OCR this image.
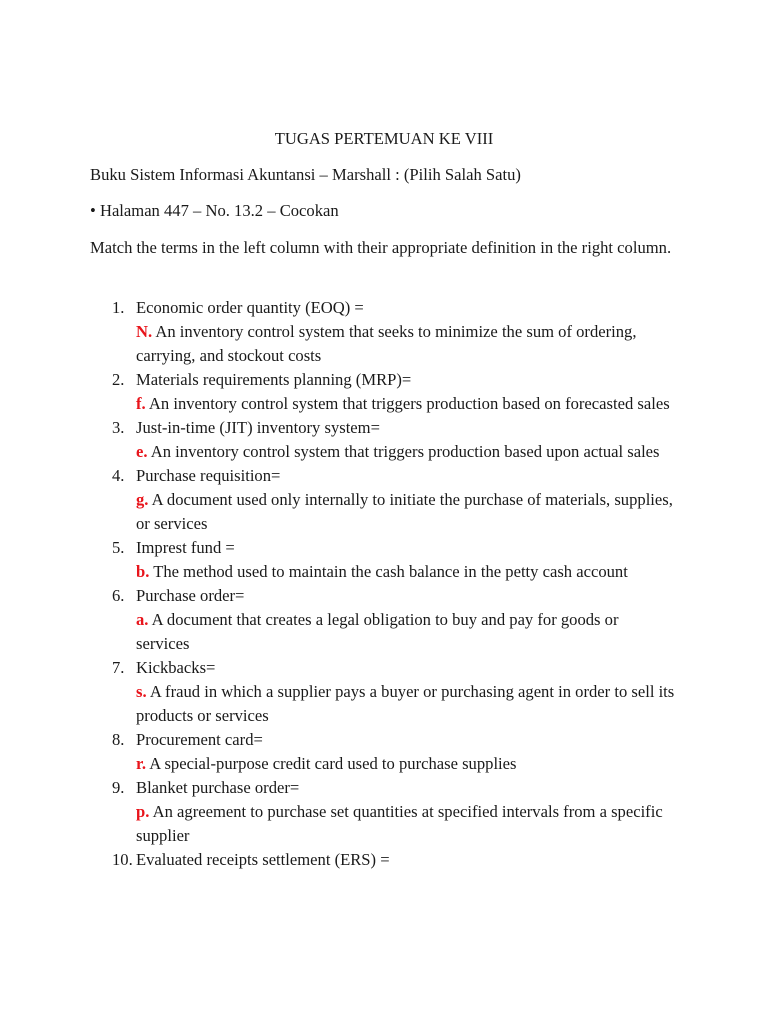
TUGAS PERTEMUAN KE VIII

Buku Sistem Informasi Akuntansi – Marshall : (Pilih Salah Satu)

• Halaman 447 – No. 13.2 – Cocokan

Match the terms in the left column with their appropriate definition in the right column.

1. Economic order quantity (EOQ) =
N. An inventory control system that seeks to minimize the sum of ordering, carrying, and stockout costs
2. Materials requirements planning (MRP)=
f. An inventory control system that triggers production based on forecasted sales
3. Just-in-time (JIT) inventory system=
e. An inventory control system that triggers production based upon actual sales
4. Purchase requisition=
g. A document used only internally to initiate the purchase of materials, supplies, or services
5. Imprest fund =
b. The method used to maintain the cash balance in the petty cash account
6. Purchase order=
a. A document that creates a legal obligation to buy and pay for goods or services
7. Kickbacks=
s. A fraud in which a supplier pays a buyer or purchasing agent in order to sell its products or services
8. Procurement card=
r. A special-purpose credit card used to purchase supplies
9. Blanket purchase order=
p. An agreement to purchase set quantities at specified intervals from a specific supplier
10. Evaluated receipts settlement (ERS) =
